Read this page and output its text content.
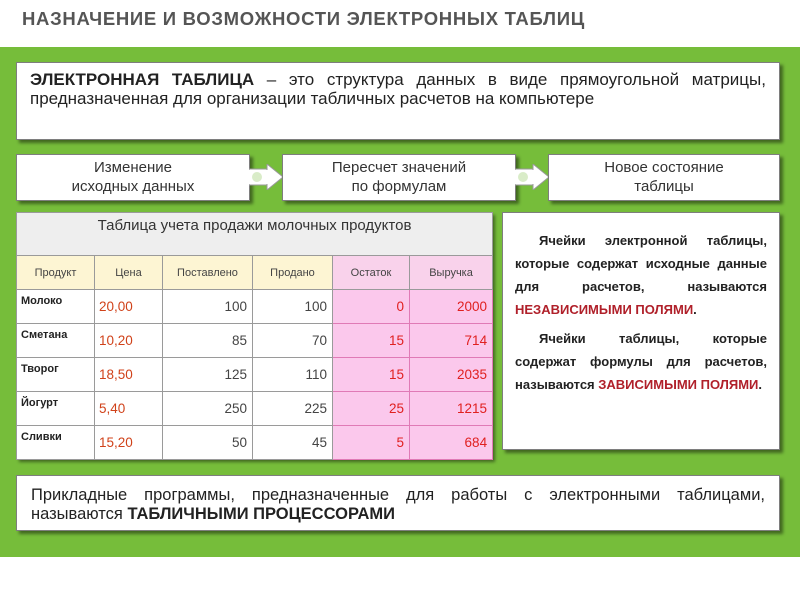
НАЗНАЧЕНИЕ И ВОЗМОЖНОСТИ ЭЛЕКТРОННЫХ ТАБЛИЦ
ЭЛЕКТРОННАЯ ТАБЛИЦА – это структура данных в виде прямоугольной матрицы, предназначенная для организации табличных расчетов на компьютере
Изменение
исходных данных
Пересчет значений
по формулам
Новое состояние
таблицы
Таблица учета продажи молочных продуктов					
Продукт	Цена	Поставлено	Продано	Остаток	Выручка
Молоко	20,00	100	100	0	2000
Сметана	10,20	85	70	15	714
Творог	18,50	125	110	15	2035
Йогурт	5,40	250	225	25	1215
Сливки	15,20	50	45	5	684

Ячейки электронной таблицы, которые содержат исходные данные для расчетов, называются НЕЗАВИСИМЫМИ ПОЛЯМИ.

Ячейки таблицы, которые содержат формулы для расчетов, называются ЗАВИСИМЫМИ ПОЛЯМИ.

Прикладные программы, предназначенные для работы с электронными таблицами, называются ТАБЛИЧНЫМИ ПРОЦЕССОРАМИ
